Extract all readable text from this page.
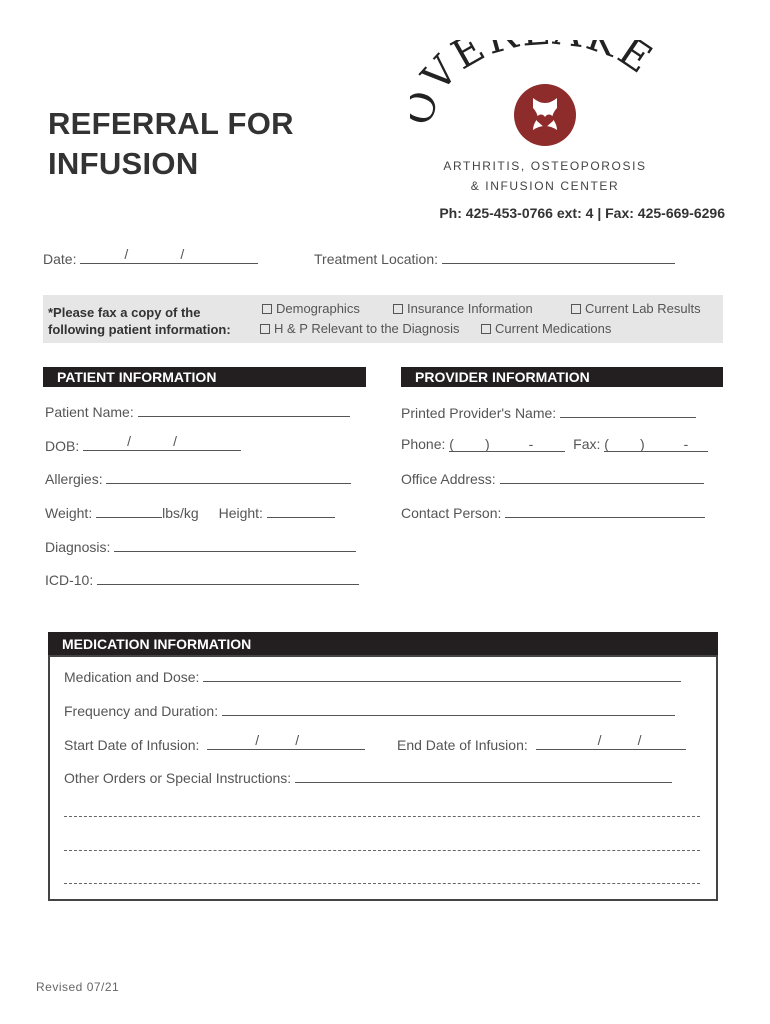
REFERRAL FOR
INFUSION
VE KE
ARTHRITIS, OSTEOPOROSIS
& INFUSION CENTER
Ph: 425-453-0766 ext: 4 | Fax: 425-669-6296
Date:	/	/	Treatment Location:
*Please fax a copy of the
following patient information:
Demographics	Insurance Information	Current Lab Results
H & P Relevant to the Diagnosis	Current Medications
PATIENT INFORMATION
Patient Name:
DOB:	/	/
Allergies:
Weight:	lbs/kg Height:
Diagnosis:
ICD-10:
PROVIDER INFORMATION
Printed Provider's Name:
Phone: (        )          -	Fax: (        )          -
Office Address:
Contact Person:
MEDICATION INFORMATION
Medication and Dose:
Frequency and Duration:
Start Date of Infusion:	/	/	End Date of Infusion:	/	/
Other Orders or Special Instructions:
Revised 07/21
